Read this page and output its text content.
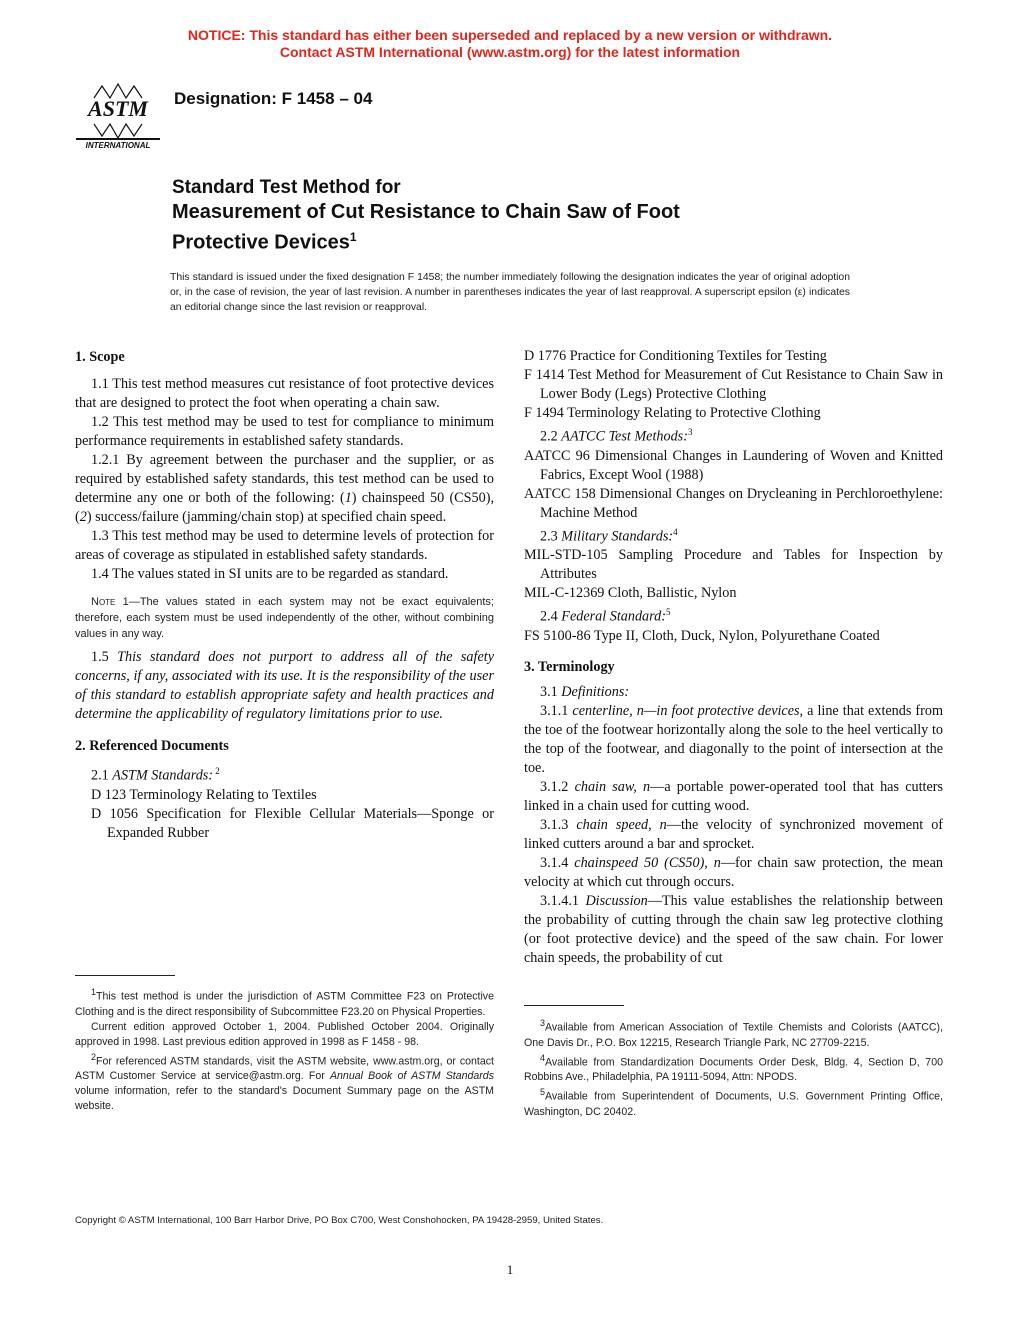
NOTICE: This standard has either been superseded and replaced by a new version or withdrawn.
Contact ASTM International (www.astm.org) for the latest information
ASTM
INTERNATIONAL
Designation: F 1458 – 04
Standard Test Method for
Measurement of Cut Resistance to Chain Saw of Foot
Protective Devices$^1$
This standard is issued under the fixed designation F 1458; the number immediately following the designation indicates the year of original adoption or, in the case of revision, the year of last revision. A number in parentheses indicates the year of last reapproval. A superscript epsilon (ε) indicates an editorial change since the last revision or reapproval.

1. Scope

1.1 This test method measures cut resistance of foot protective devices that are designed to protect the foot when operating a chain saw.

1.2 This test method may be used to test for compliance to minimum performance requirements in established safety standards.

1.2.1 By agreement between the purchaser and the supplier, or as required by established safety standards, this test method can be used to determine any one or both of the following: (1) chainspeed 50 (CS50), (2) success/failure (jamming/chain stop) at specified chain speed.

1.3 This test method may be used to determine levels of protection for areas of coverage as stipulated in established safety standards.

1.4 The values stated in SI units are to be regarded as standard.

Note 1—The values stated in each system may not be exact equivalents; therefore, each system must be used independently of the other, without combining values in any way.

1.5 This standard does not purport to address all of the safety concerns, if any, associated with its use. It is the responsibility of the user of this standard to establish appropriate safety and health practices and determine the applicability of regulatory limitations prior to use.

2. Referenced Documents

2.1 ASTM Standards: $^2$

D 123 Terminology Relating to Textiles

D 1056 Specification for Flexible Cellular Materials—Sponge or Expanded Rubber

D 1776 Practice for Conditioning Textiles for Testing

F 1414 Test Method for Measurement of Cut Resistance to Chain Saw in Lower Body (Legs) Protective Clothing

F 1494 Terminology Relating to Protective Clothing

2.2 AATCC Test Methods:$^3$

AATCC 96 Dimensional Changes in Laundering of Woven and Knitted Fabrics, Except Wool (1988)

AATCC 158 Dimensional Changes on Drycleaning in Perchloroethylene: Machine Method

2.3 Military Standards:$^4$

MIL-STD-105 Sampling Procedure and Tables for Inspection by Attributes

MIL-C-12369 Cloth, Ballistic, Nylon

2.4 Federal Standard:$^5$

FS 5100-86 Type II, Cloth, Duck, Nylon, Polyurethane Coated

3. Terminology

3.1 Definitions:

3.1.1 centerline, n—in foot protective devices, a line that extends from the toe of the footwear horizontally along the sole to the heel vertically to the top of the footwear, and diagonally to the point of intersection at the toe.

3.1.2 chain saw, n—a portable power-operated tool that has cutters linked in a chain used for cutting wood.

3.1.3 chain speed, n—the velocity of synchronized movement of linked cutters around a bar and sprocket.

3.1.4 chainspeed 50 (CS50), n—for chain saw protection, the mean velocity at which cut through occurs.

3.1.4.1 Discussion—This value establishes the relationship between the probability of cutting through the chain saw leg protective clothing (or foot protective device) and the speed of the saw chain. For lower chain speeds, the probability of cut

$^1$This test method is under the jurisdiction of ASTM Committee F23 on Protective Clothing and is the direct responsibility of Subcommittee F23.20 on Physical Properties.

Current edition approved October 1, 2004. Published October 2004. Originally approved in 1998. Last previous edition approved in 1998 as F 1458 - 98.

$^2$For referenced ASTM standards, visit the ASTM website, www.astm.org, or contact ASTM Customer Service at service@astm.org. For Annual Book of ASTM Standards volume information, refer to the standard's Document Summary page on the ASTM website.

$^3$Available from American Association of Textile Chemists and Colorists (AATCC), One Davis Dr., P.O. Box 12215, Research Triangle Park, NC 27709-2215.

$^4$Available from Standardization Documents Order Desk, Bldg. 4, Section D, 700 Robbins Ave., Philadelphia, PA 19111-5094, Attn: NPODS.

$^5$Available from Superintendent of Documents, U.S. Government Printing Office, Washington, DC 20402.

Copyright © ASTM International, 100 Barr Harbor Drive, PO Box C700, West Conshohocken, PA 19428-2959, United States.
1
